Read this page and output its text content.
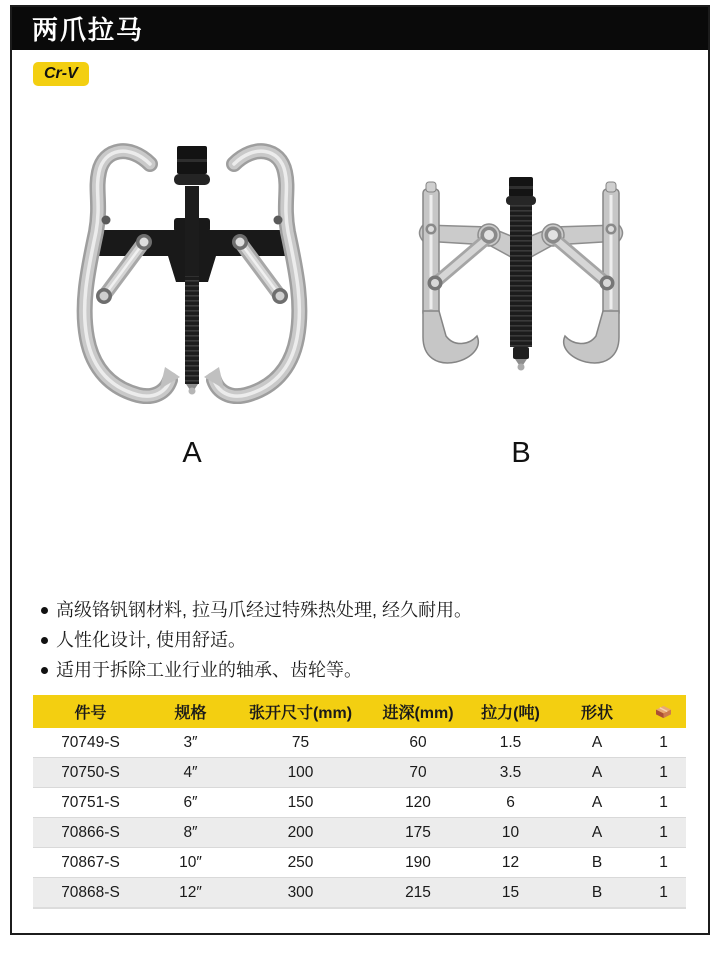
两爪拉马
Cr-V
A	B
高级铬钒钢材料, 拉马爪经过特殊热处理, 经久耐用。
人性化设计, 使用舒适。
适用于拆除工业行业的轴承、齿轮等。
件号	规格	张开尺寸(mm)	进深(mm)	拉力(吨)	形状	
70749-S	3″	75	60	1.5	A	1
70750-S	4″	100	70	3.5	A	1
70751-S	6″	150	120	6	A	1
70866-S	8″	200	175	10	A	1
70867-S	10″	250	190	12	B	1
70868-S	12″	300	215	15	B	1
